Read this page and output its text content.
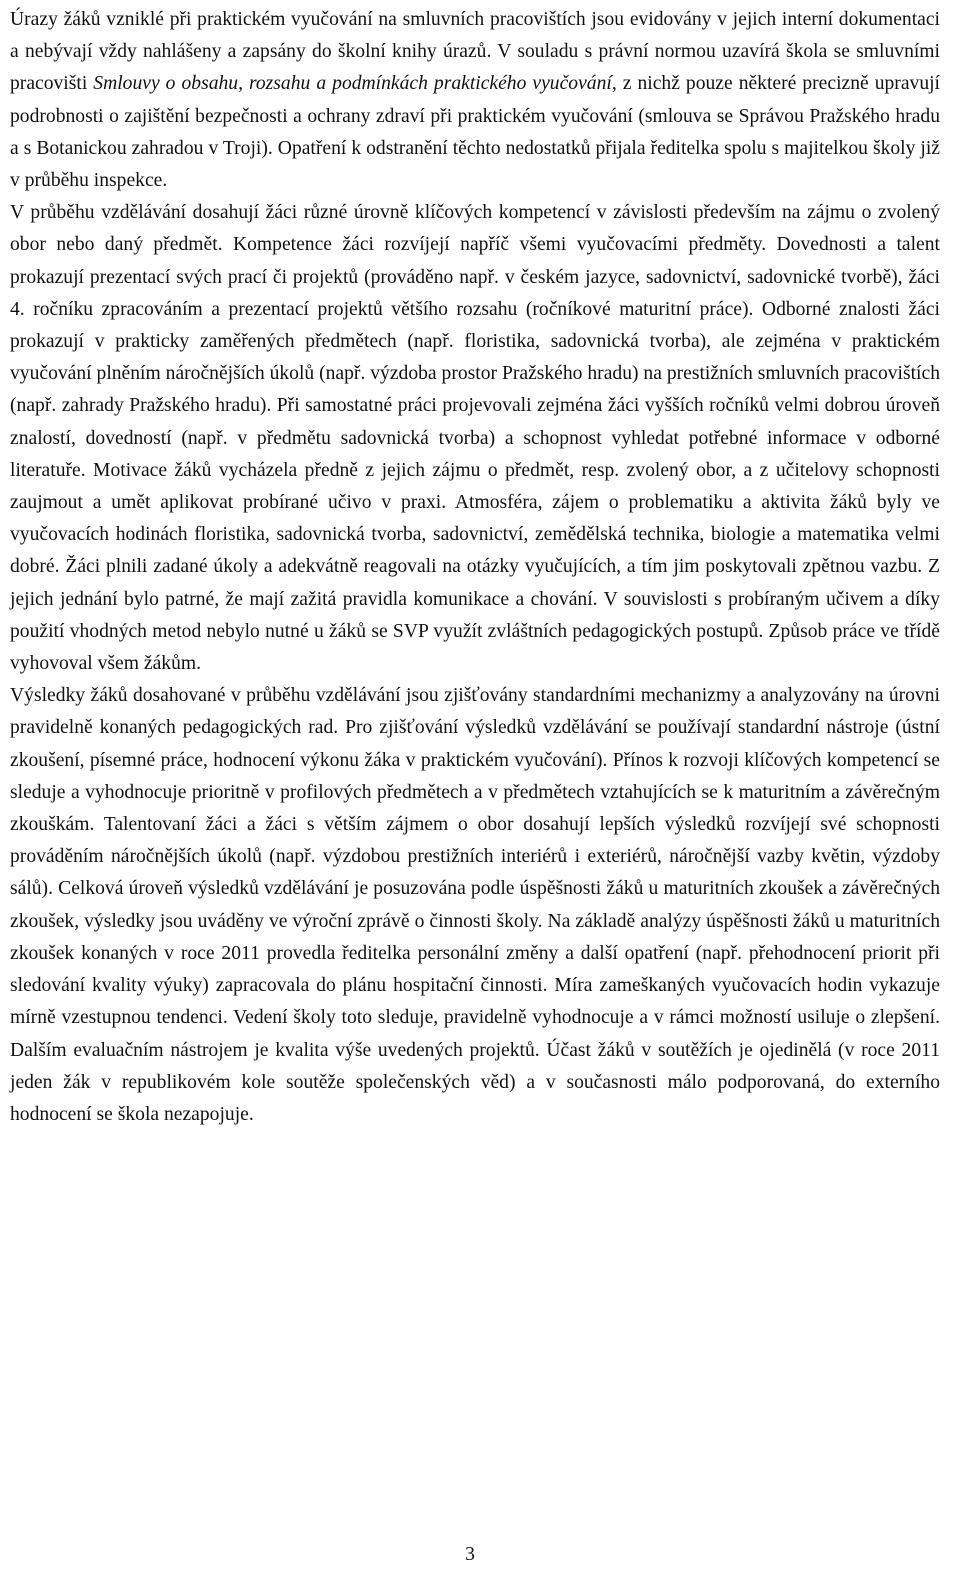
Úrazy žáků vzniklé při praktickém vyučování na smluvních pracovištích jsou evidovány v jejich interní dokumentaci a nebývají vždy nahlášeny a zapsány do školní knihy úrazů. V souladu s právní normou uzavírá škola se smluvními pracovišti Smlouvy o obsahu, rozsahu a podmínkách praktického vyučování, z nichž pouze některé precizně upravují podrobnosti o zajištění bezpečnosti a ochrany zdraví při praktickém vyučování (smlouva se Správou Pražského hradu a s Botanickou zahradou v Troji). Opatření k odstranění těchto nedostatků přijala ředitelka spolu s majitelkou školy již v průběhu inspekce.

V průběhu vzdělávání dosahují žáci různé úrovně klíčových kompetencí v závislosti především na zájmu o zvolený obor nebo daný předmět. Kompetence žáci rozvíjejí napříč všemi vyučovacími předměty. Dovednosti a talent prokazují prezentací svých prací či projektů (prováděno např. v českém jazyce, sadovnictví, sadovnické tvorbě), žáci 4. ročníku zpracováním a prezentací projektů většího rozsahu (ročníkové maturitní práce). Odborné znalosti žáci prokazují v prakticky zaměřených předmětech (např. floristika, sadovnická tvorba), ale zejména v praktickém vyučování plněním náročnějších úkolů (např. výzdoba prostor Pražského hradu) na prestižních smluvních pracovištích (např. zahrady Pražského hradu). Při samostatné práci projevovali zejména žáci vyšších ročníků velmi dobrou úroveň znalostí, dovedností (např. v předmětu sadovnická tvorba) a schopnost vyhledat potřebné informace v odborné literatuře. Motivace žáků vycházela předně z jejich zájmu o předmět, resp. zvolený obor, a z učitelovy schopnosti zaujmout a umět aplikovat probírané učivo v praxi. Atmosféra, zájem o problematiku a aktivita žáků byly ve vyučovacích hodinách floristika, sadovnická tvorba, sadovnictví, zemědělská technika, biologie a matematika velmi dobré. Žáci plnili zadané úkoly a adekvátně reagovali na otázky vyučujících, a tím jim poskytovali zpětnou vazbu. Z jejich jednání bylo patrné, že mají zažitá pravidla komunikace a chování. V souvislosti s probíraným učivem a díky použití vhodných metod nebylo nutné u žáků se SVP využít zvláštních pedagogických postupů. Způsob práce ve třídě vyhovoval všem žákům.

Výsledky žáků dosahované v průběhu vzdělávání jsou zjišťovány standardními mechanizmy a analyzovány na úrovni pravidelně konaných pedagogických rad. Pro zjišťování výsledků vzdělávání se používají standardní nástroje (ústní zkoušení, písemné práce, hodnocení výkonu žáka v praktickém vyučování). Přínos k rozvoji klíčových kompetencí se sleduje a vyhodnocuje prioritně v profilových předmětech a v předmětech vztahujících se k maturitním a závěrečným zkouškám. Talentovaní žáci a žáci s větším zájmem o obor dosahují lepších výsledků rozvíjejí své schopnosti prováděním náročnějších úkolů (např. výzdobou prestižních interiérů i exteriérů, náročnější vazby květin, výzdoby sálů). Celková úroveň výsledků vzdělávání je posuzována podle úspěšnosti žáků u maturitních zkoušek a závěrečných zkoušek, výsledky jsou uváděny ve výroční zprávě o činnosti školy. Na základě analýzy úspěšnosti žáků u maturitních zkoušek konaných v roce 2011 provedla ředitelka personální změny a další opatření (např. přehodnocení priorit při sledování kvality výuky) zapracovala do plánu hospitační činnosti. Míra zameškaných vyučovacích hodin vykazuje mírně vzestupnou tendenci. Vedení školy toto sleduje, pravidelně vyhodnocuje a v rámci možností usiluje o zlepšení. Dalším evaluačním nástrojem je kvalita výše uvedených projektů. Účast žáků v soutěžích je ojedinělá (v roce 2011 jeden žák v republikovém kole soutěže společenských věd) a v současnosti málo podporovaná, do externího hodnocení se škola nezapojuje.

3
